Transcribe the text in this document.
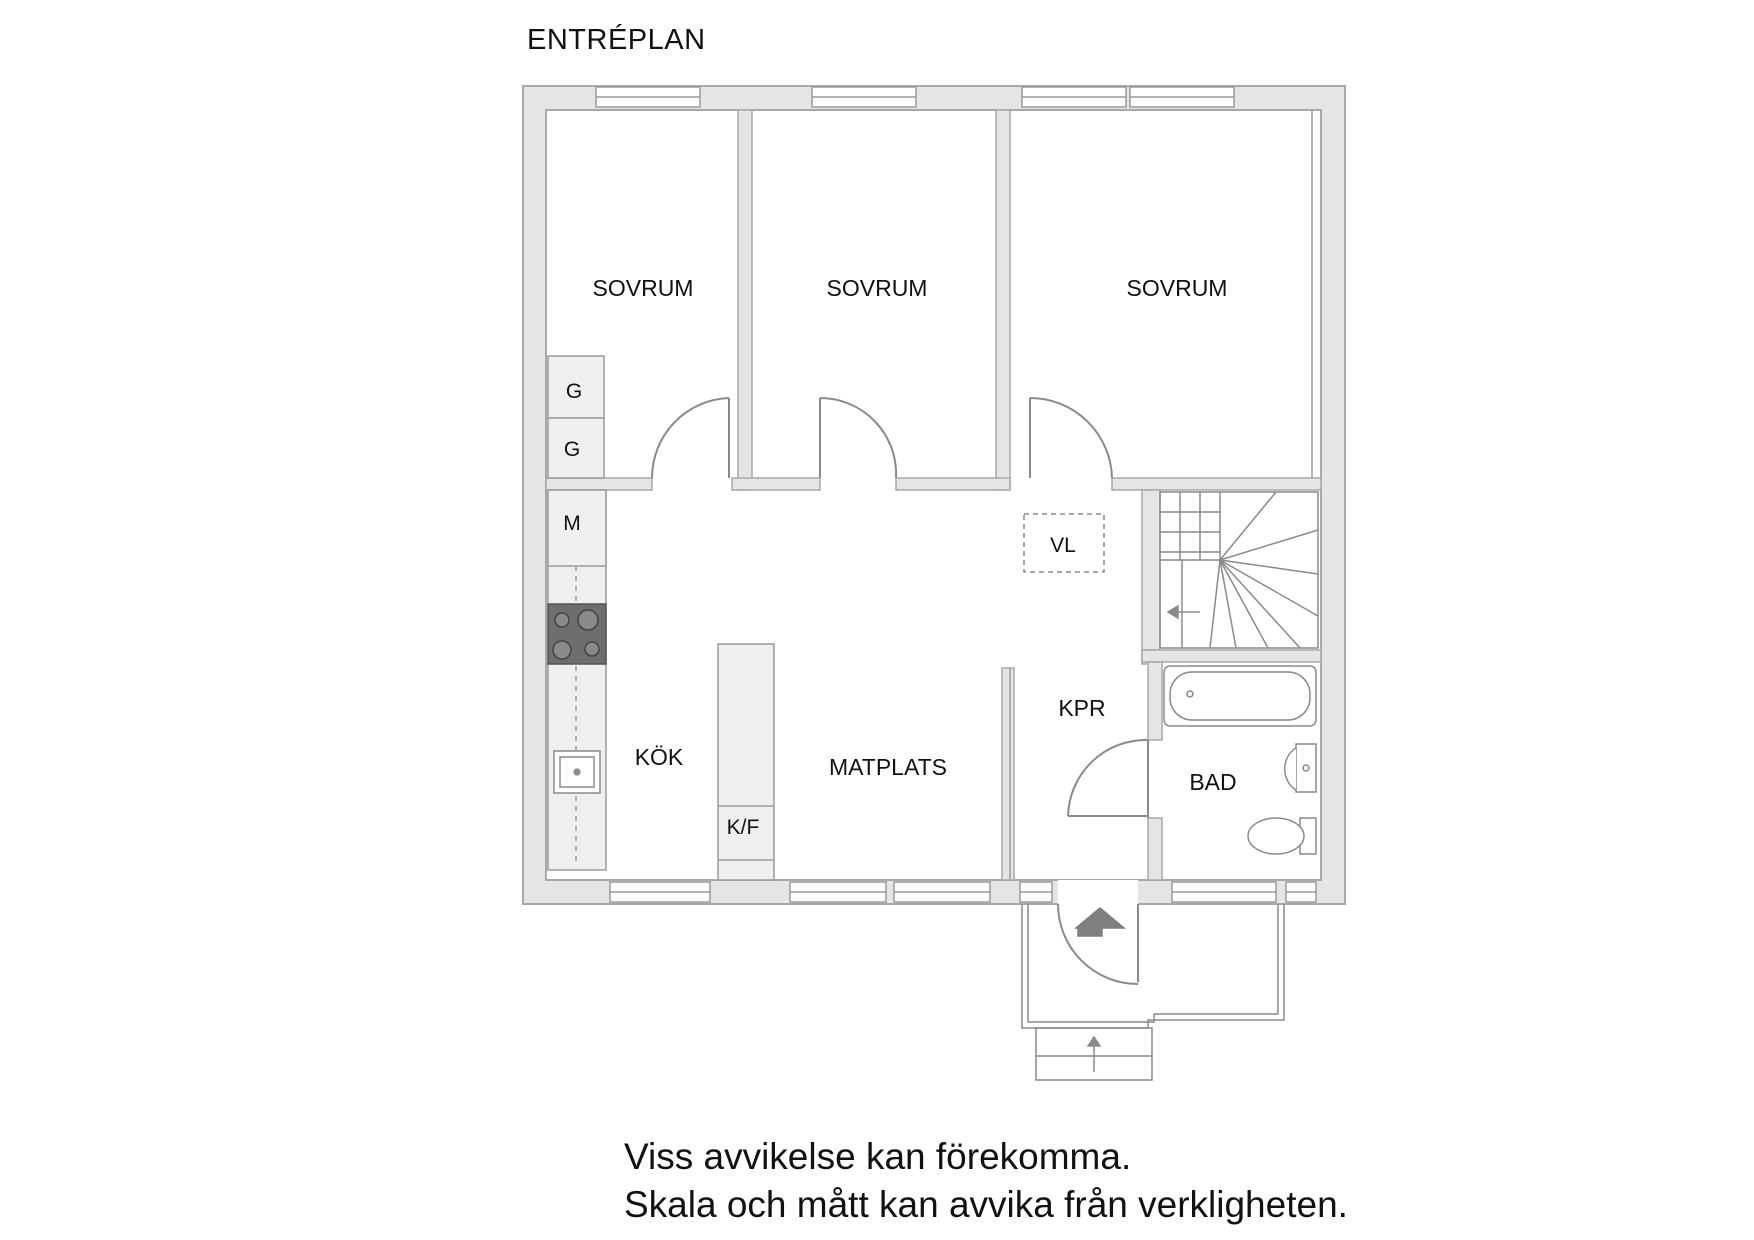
ENTRÉPLAN
SOVRUM	SOVRUM	SOVRUM
KÖK	MATPLATS
KPR
BAD
G
G
M
K/F
VL
Viss avvikelse kan förekomma.
Skala och mått kan avvika från verkligheten.
